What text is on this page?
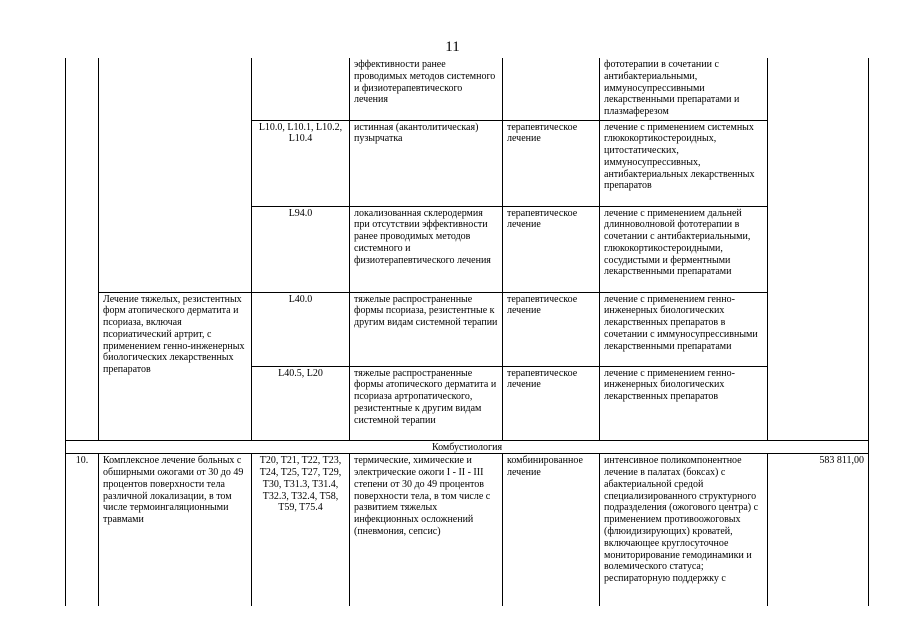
11
			эффективности ранее проводимых методов системного и физиотерапевтического лечения		фототерапии в сочетании с антибактериальными, иммуносупрессивными лекарственными препаратами и плазмаферезом	
		L10.0, L10.1, L10.2, L10.4	истинная (акантолитическая) пузырчатка	терапевтическое лечение	лечение с применением системных глюкокортикостероидных, цитостатических, иммуносупрессивных, антибактериальных лекарственных препаратов	
		L94.0	локализованная склеродермия при отсутствии эффективности ранее проводимых методов системного и физиотерапевтического лечения	терапевтическое лечение	лечение с применением дальней длинноволновой фототерапии в сочетании с антибактериальными, глюкокортикостероидными, сосудистыми и ферментными лекарственными препаратами	
	Лечение тяжелых, резистентных форм атопического дерматита и псориаза, включая псориатический артрит, с применением генно-инженерных биологических лекарственных препаратов	L40.0	тяжелые распространенные формы псориаза, резистентные к другим видам системной терапии	терапевтическое лечение	лечение с применением генно-инженерных биологических лекарственных препаратов в сочетании с иммуносупрессивными лекарственными препаратами	
		L40.5, L20	тяжелые распространенные формы атопического дерматита и псориаза артропатического, резистентные к другим видам системной терапии	терапевтическое лечение	лечение с применением генно-инженерных биологических лекарственных препаратов	
Комбустиология						
10.	Комплексное лечение больных с обширными ожогами от 30 до 49 процентов поверхности тела различной локализации, в том числе термоингаляционными травмами	T20, T21, T22, T23, T24, T25, T27, T29, T30, T31.3, T31.4, T32.3, T32.4, T58, T59, T75.4	термические, химические и электрические ожоги I - II - III степени от 30 до 49 процентов поверхности тела, в том числе с развитием тяжелых инфекционных осложнений (пневмония, сепсис)	комбинированное лечение	интенсивное поликомпонентное лечение в палатах (боксах) с абактериальной средой специализированного структурного подразделения (ожогового центра) с применением противоожоговых (флюидизирующих) кроватей, включающее круглосуточное мониторирование гемодинамики и волемического статуса; респираторную поддержку с	583 811,00
